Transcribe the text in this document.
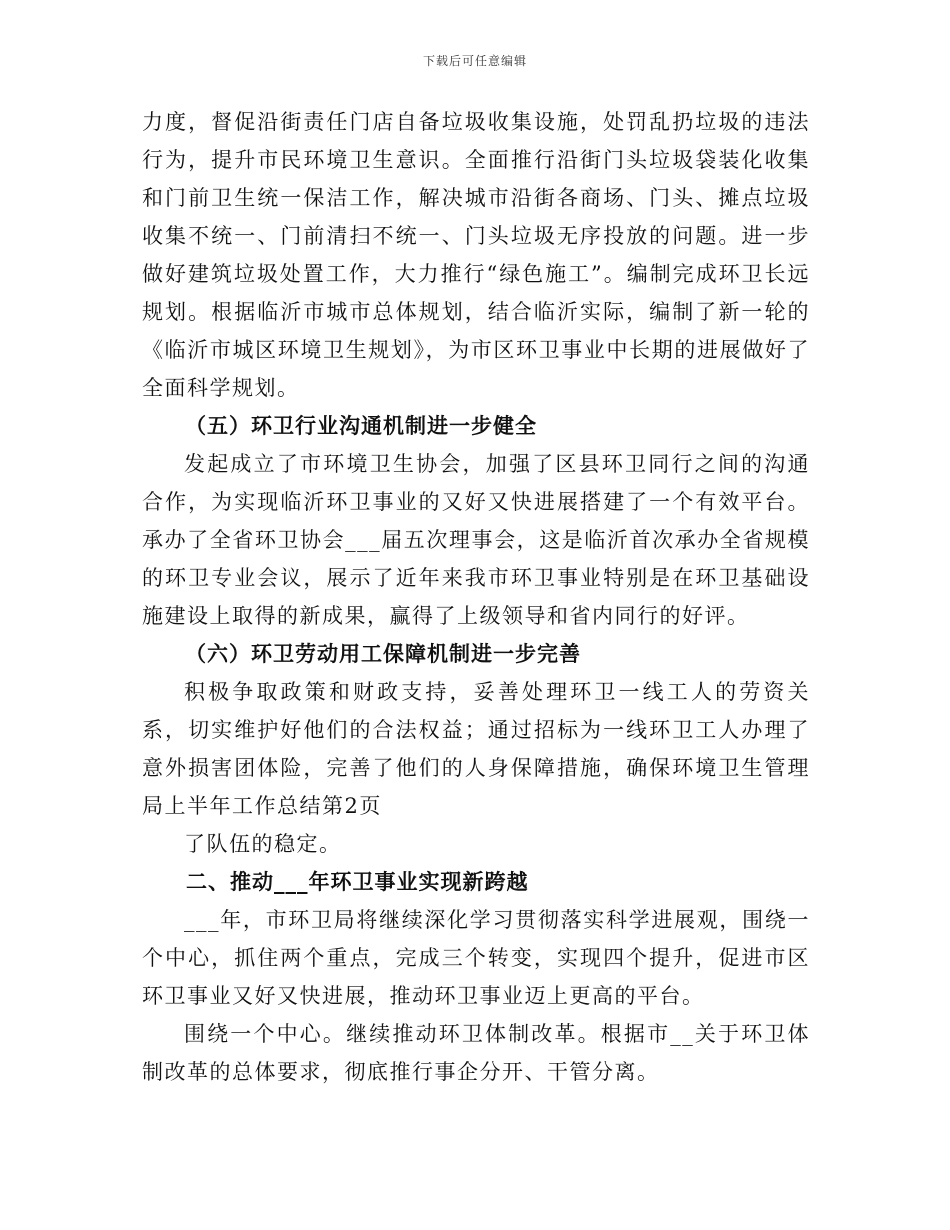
下载后可任意编辑

力度，督促沿街责任门店自备垃圾收集设施，处罚乱扔垃圾的违法行为，提升市民环境卫生意识。全面推行沿街门头垃圾袋装化收集和门前卫生统一保洁工作，解决城市沿街各商场、门头、摊点垃圾收集不统一、门前清扫不统一、门头垃圾无序投放的问题。进一步做好建筑垃圾处置工作，大力推行“绿色施工”。编制完成环卫长远规划。根据临沂市城市总体规划，结合临沂实际，编制了新一轮的《临沂市城区环境卫生规划》，为市区环卫事业中长期的进展做好了全面科学规划。

（五）环卫行业沟通机制进一步健全

发起成立了市环境卫生协会，加强了区县环卫同行之间的沟通合作，为实现临沂环卫事业的又好又快进展搭建了一个有效平台。承办了全省环卫协会___届五次理事会，这是临沂首次承办全省规模的环卫专业会议，展示了近年来我市环卫事业特别是在环卫基础设施建设上取得的新成果，赢得了上级领导和省内同行的好评。

（六）环卫劳动用工保障机制进一步完善

积极争取政策和财政支持，妥善处理环卫一线工人的劳资关系，切实维护好他们的合法权益；通过招标为一线环卫工人办理了意外损害团体险，完善了他们的人身保障措施，确保环境卫生管理局上半年工作总结第2页

了队伍的稳定。

二、推动___年环卫事业实现新跨越

___年，市环卫局将继续深化学习贯彻落实科学进展观，围绕一个中心，抓住两个重点，完成三个转变，实现四个提升，促进市区环卫事业又好又快进展，推动环卫事业迈上更高的平台。

围绕一个中心。继续推动环卫体制改革。根据市__关于环卫体制改革的总体要求，彻底推行事企分开、干管分离。
